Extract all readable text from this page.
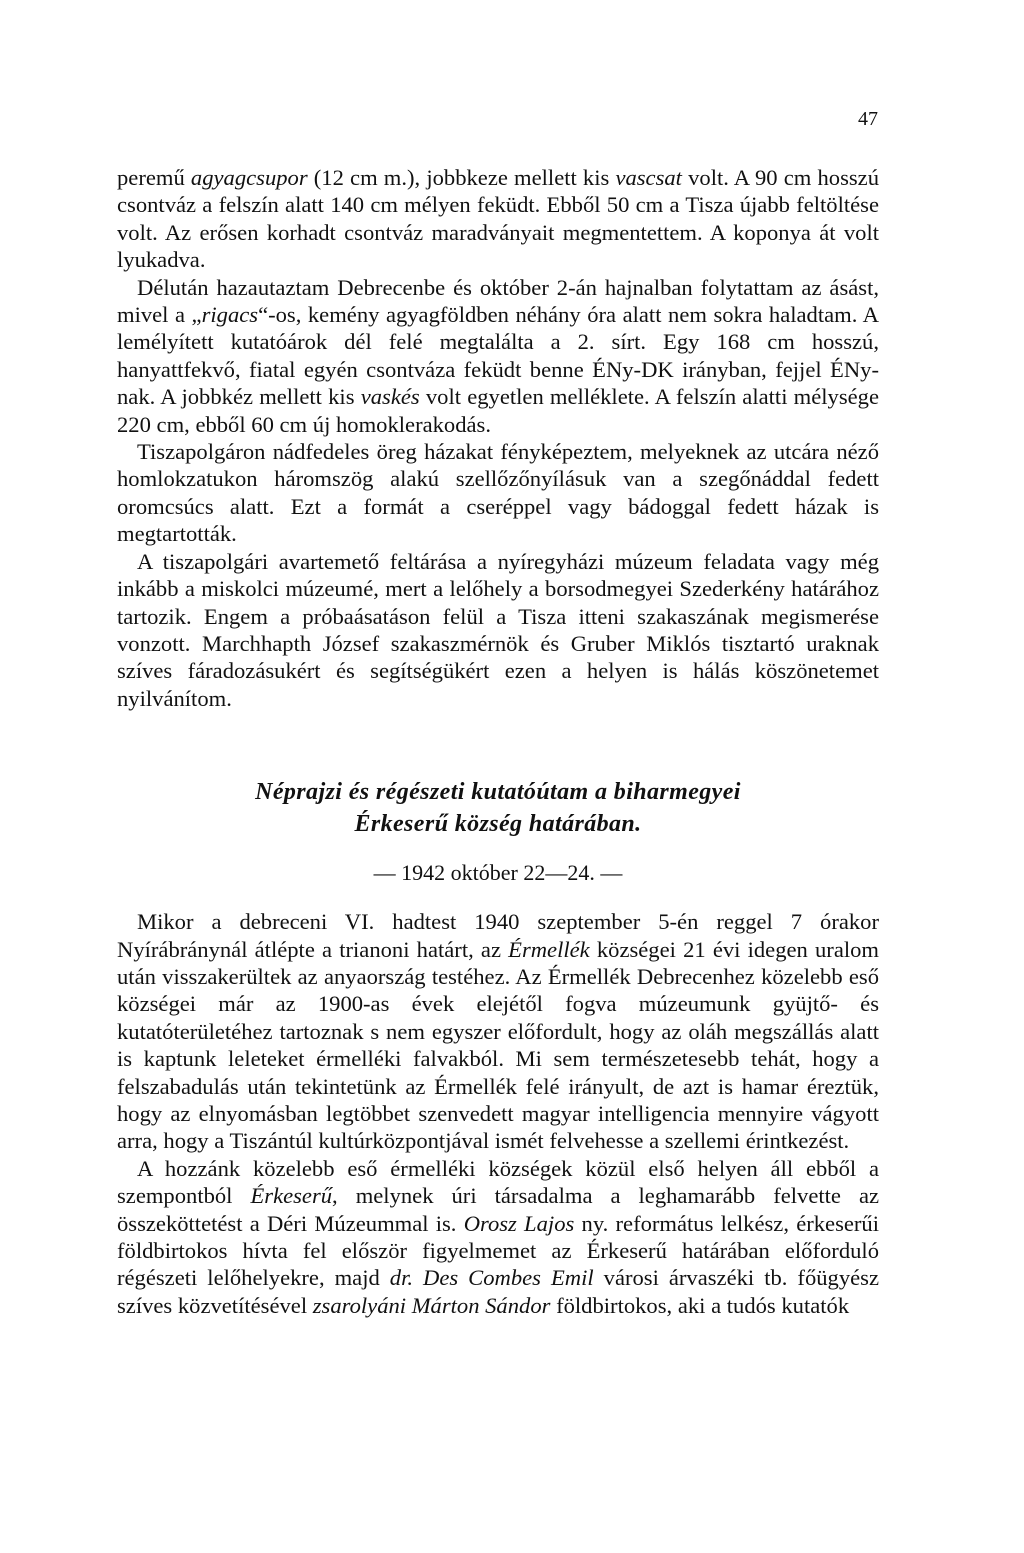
47

peremű agyagcsupor (12 cm m.), jobbkeze mellett kis vascsat volt. A 90 cm hosszú csontváz a felszín alatt 140 cm mélyen feküdt. Ebből 50 cm a Tisza újabb feltöltése volt. Az erősen korhadt csontváz maradványait megmentettem. A koponya át volt lyukadva.

Délután hazautaztam Debrecenbe és október 2-án hajnalban folytattam az ásást, mivel a „rigacs“-os, kemény agyagföldben néhány óra alatt nem sokra haladtam. A lemélyített kutatóárok dél felé megtalálta a 2. sírt. Egy 168 cm hosszú, hanyattfekvő, fiatal egyén csontváza feküdt benne ÉNy-DK irányban, fejjel ÉNy-nak. A jobbkéz mellett kis vaskés volt egyetlen melléklete. A felszín alatti mélysége 220 cm, ebből 60 cm új homoklerakodás.

Tiszapolgáron nádfedeles öreg házakat fényképeztem, melyeknek az utcára néző homlokzatukon háromszög alakú szellőzőnyílásuk van a szegőnáddal fedett oromcsúcs alatt. Ezt a formát a cseréppel vagy bádoggal fedett házak is megtartották.

A tiszapolgári avartemető feltárása a nyíregyházi múzeum feladata vagy még inkább a miskolci múzeumé, mert a lelőhely a borsodmegyei Szederkény határához tartozik. Engem a próbaásatáson felül a Tisza itteni szakaszának megismerése vonzott. Marchhарth József szakaszmérnök és Gruber Miklós tisztartó uraknak szíves fáradozásukért és segítségükért ezen a helyen is hálás köszönetemet nyilvánítom.

Néprajzi és régészeti kutatóútam a biharmegyei
Érkeserű község határában.
— 1942 október 22—24. —

Mikor a debreceni VI. hadtest 1940 szeptember 5-én reggel 7 órakor Nyírábránynál átlépte a trianoni határt, az Érmellék községei 21 évi idegen uralom után visszakerültek az anyaország testéhez. Az Érmellék Debrecenhez közelebb eső községei már az 1900-as évek elejétől fogva múzeumunk gyüjtő- és kutatóterületéhez tartoznak s nem egyszer előfordult, hogy az oláh megszállás alatt is kaptunk leleteket érmelléki falvakból. Mi sem természetesebb tehát, hogy a felszabadulás után tekintetünk az Érmellék felé irányult, de azt is hamar éreztük, hogy az elnyomásban legtöbbet szenvedett magyar intelligencia mennyire vágyott arra, hogy a Tiszántúl kultúrközpontjával ismét felvehesse a szellemi érintkezést.

A hozzánk közelebb eső érmelléki községek közül első helyen áll ebből a szempontból Érkeserű, melynek úri társadalma a leghamarább felvette az összeköttetést a Déri Múzeummal is. Orosz Lajos ny. református lelkész, érkeserűi földbirtokos hívta fel először figyelmemet az Érkeserű határában előforduló régészeti lelőhelyekre, majd dr. Des Combes Emil városi árvaszéki tb. főügyész szíves közvetítésével zsarolyáni Márton Sándor földbirtokos, aki a tudós kutatók
